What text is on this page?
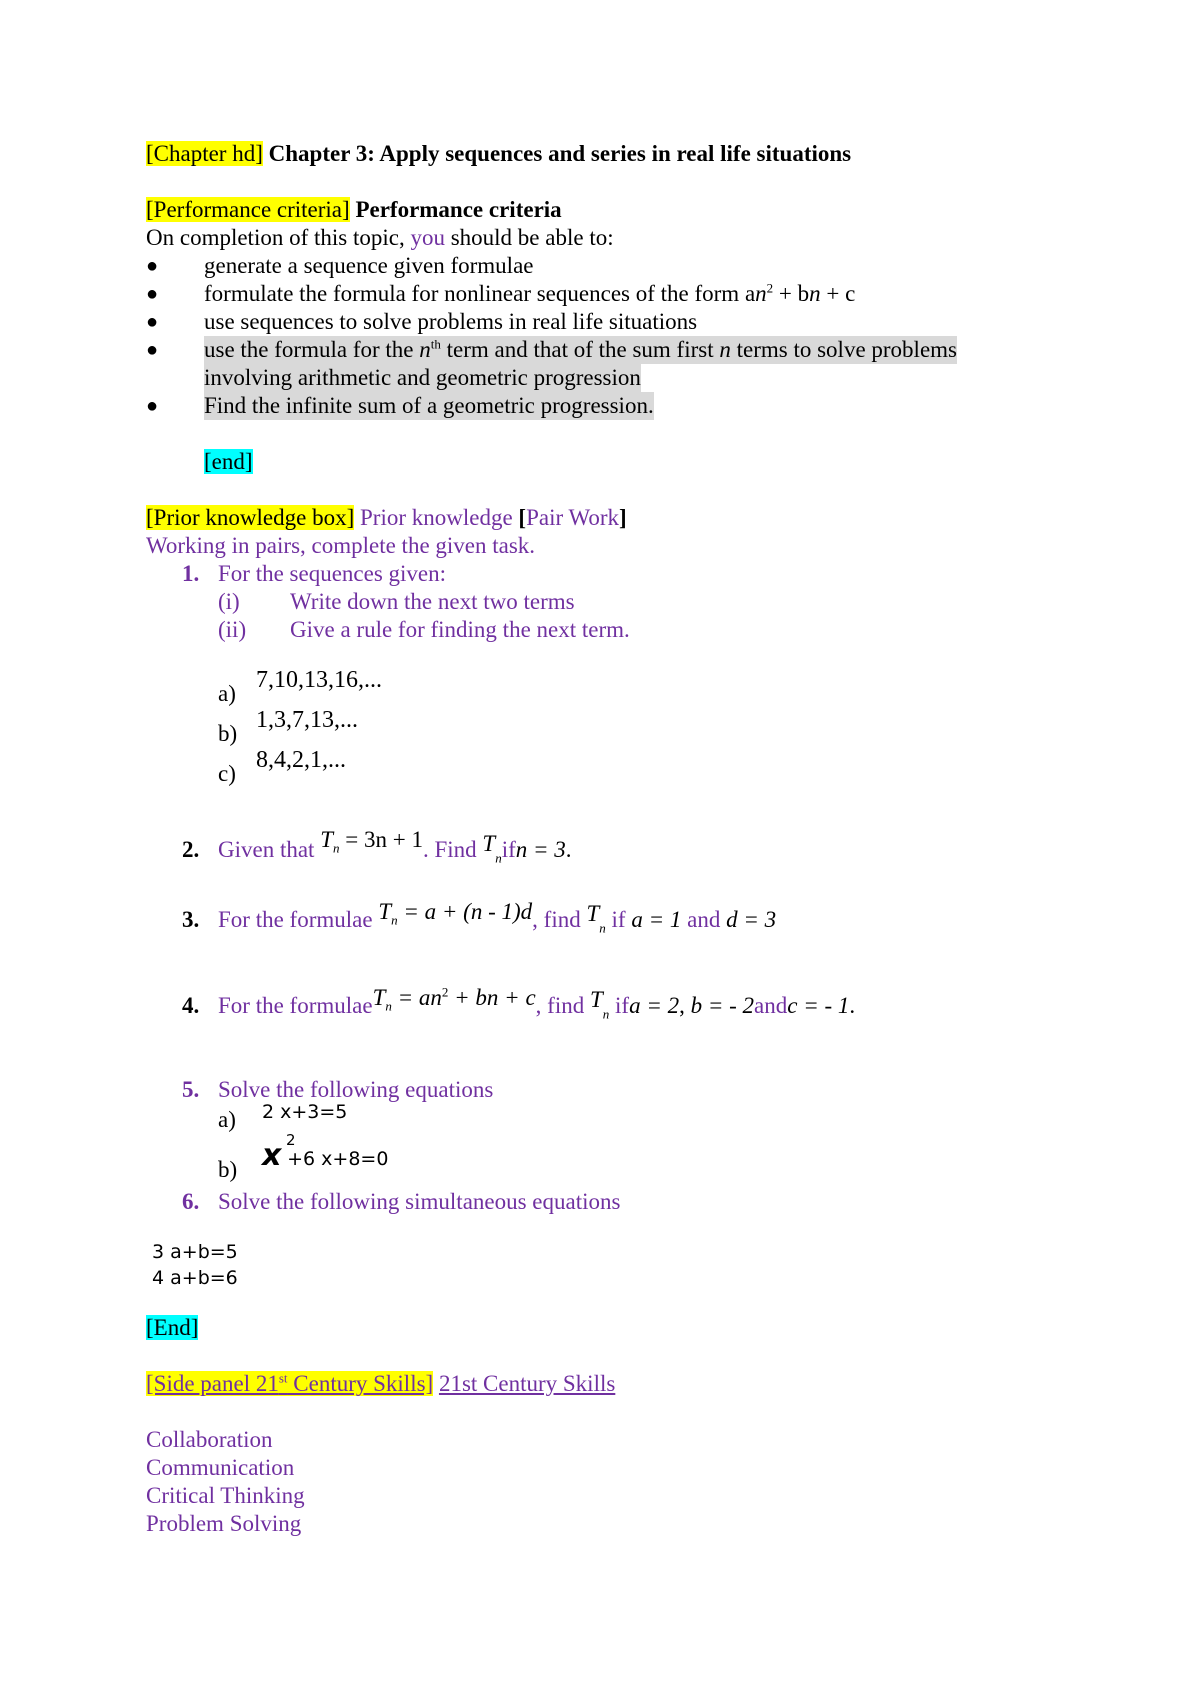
[Chapter hd] Chapter 3: Apply sequences and series in real life situations
[Performance criteria] Performance criteria
On completion of this topic, you should be able to:
● generate a sequence given formulae
● formulate the formula for nonlinear sequences of the form $an^2$ + bn + c
● use sequences to solve problems in real life situations
● use the formula for the $n^{th}$ term and that of the sum first n terms to solve problems
involving arithmetic and geometric progression
● Find the infinite sum of a geometric progression.
[end]
[Prior knowledge box] Prior knowledge [Pair Work]
Working in pairs, complete the given task.
1. For the sequences given:
(i) Write down the next two terms
(ii) Give a rule for finding the next term.
a)
7,10,13,16,...
b)
1,3,7,13,...
c)
8,4,2,1,...
2. Given that $T_n = 3n + 1$. Find $T_nifn = 3$.
3. For the formulae $T_n = a + (n - 1)d$, find $T_n$ if a = 1 and d = 3
4. For the formulaeT$_n$ = $an^2$ + bn + c, find $T_n$ ifa = 2, b = - 2andc = - 1.
5. Solve the following equations
a) 2 x+3=5
b) x 2
+6 x+8=0
6. Solve the following simultaneous equations
3 a+b=5
4 a+b=6
[End]
[Side panel 21st Century Skills] 21st Century Skills
Collaboration
Communication
Critical Thinking
Problem Solving
